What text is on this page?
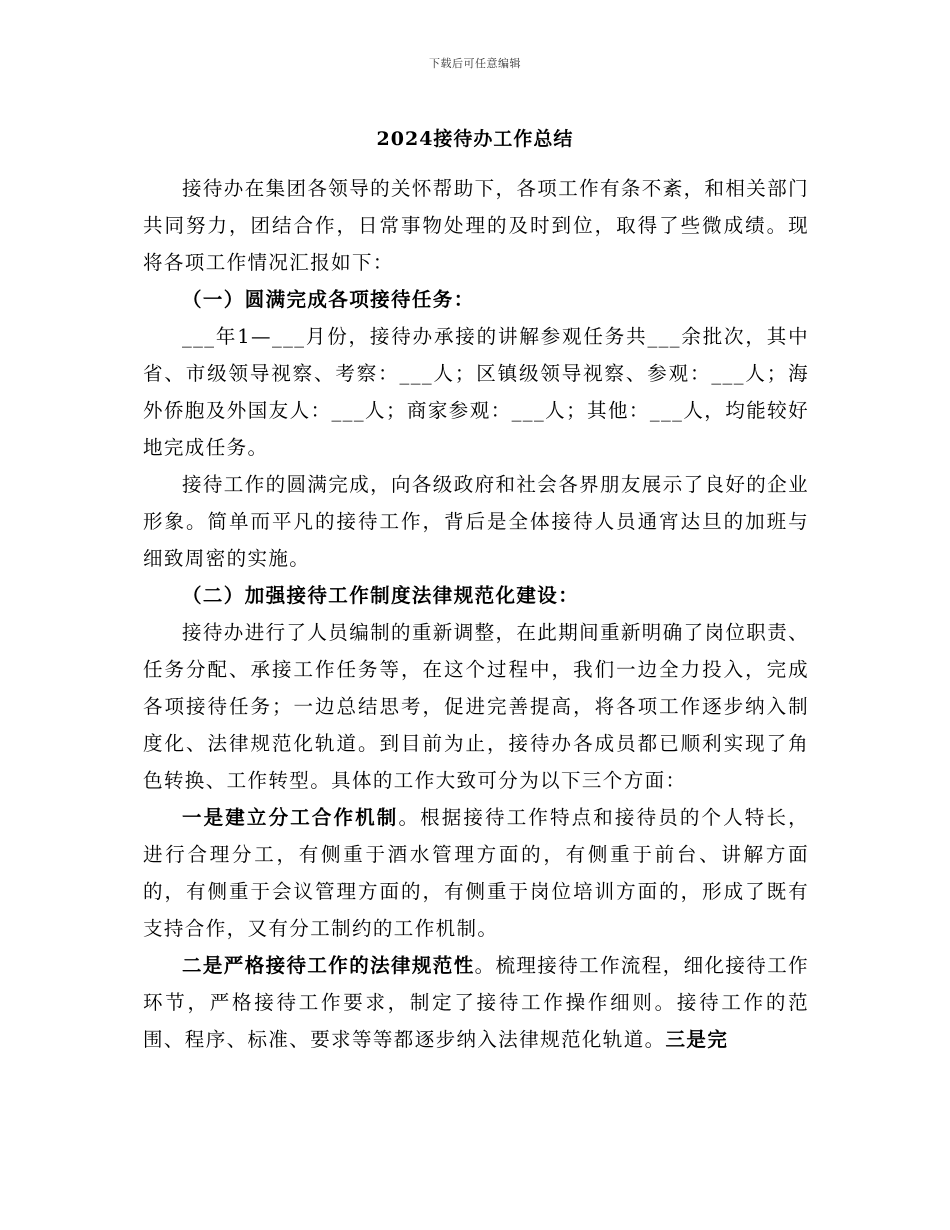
下载后可任意编辑
2024接待办工作总结

接待办在集团各领导的关怀帮助下，各项工作有条不紊，和相关部门共同努力，团结合作，日常事物处理的及时到位，取得了些微成绩。现将各项工作情况汇报如下：

（一）圆满完成各项接待任务：

___年1—___月份，接待办承接的讲解参观任务共___余批次，其中省、市级领导视察、考察：___人；区镇级领导视察、参观：___人；海外侨胞及外国友人：___人；商家参观：___人；其他：___人，均能较好地完成任务。

接待工作的圆满完成，向各级政府和社会各界朋友展示了良好的企业形象。简单而平凡的接待工作，背后是全体接待人员通宵达旦的加班与细致周密的实施。

（二）加强接待工作制度法律规范化建设：

接待办进行了人员编制的重新调整，在此期间重新明确了岗位职责、任务分配、承接工作任务等，在这个过程中，我们一边全力投入，完成各项接待任务；一边总结思考，促进完善提高，将各项工作逐步纳入制度化、法律规范化轨道。到目前为止，接待办各成员都已顺利实现了角色转换、工作转型。具体的工作大致可分为以下三个方面：

一是建立分工合作机制。根据接待工作特点和接待员的个人特长，进行合理分工，有侧重于酒水管理方面的，有侧重于前台、讲解方面的，有侧重于会议管理方面的，有侧重于岗位培训方面的，形成了既有支持合作，又有分工制约的工作机制。

二是严格接待工作的法律规范性。梳理接待工作流程，细化接待工作环节，严格接待工作要求，制定了接待工作操作细则。接待工作的范围、程序、标准、要求等等都逐步纳入法律规范化轨道。三是完
